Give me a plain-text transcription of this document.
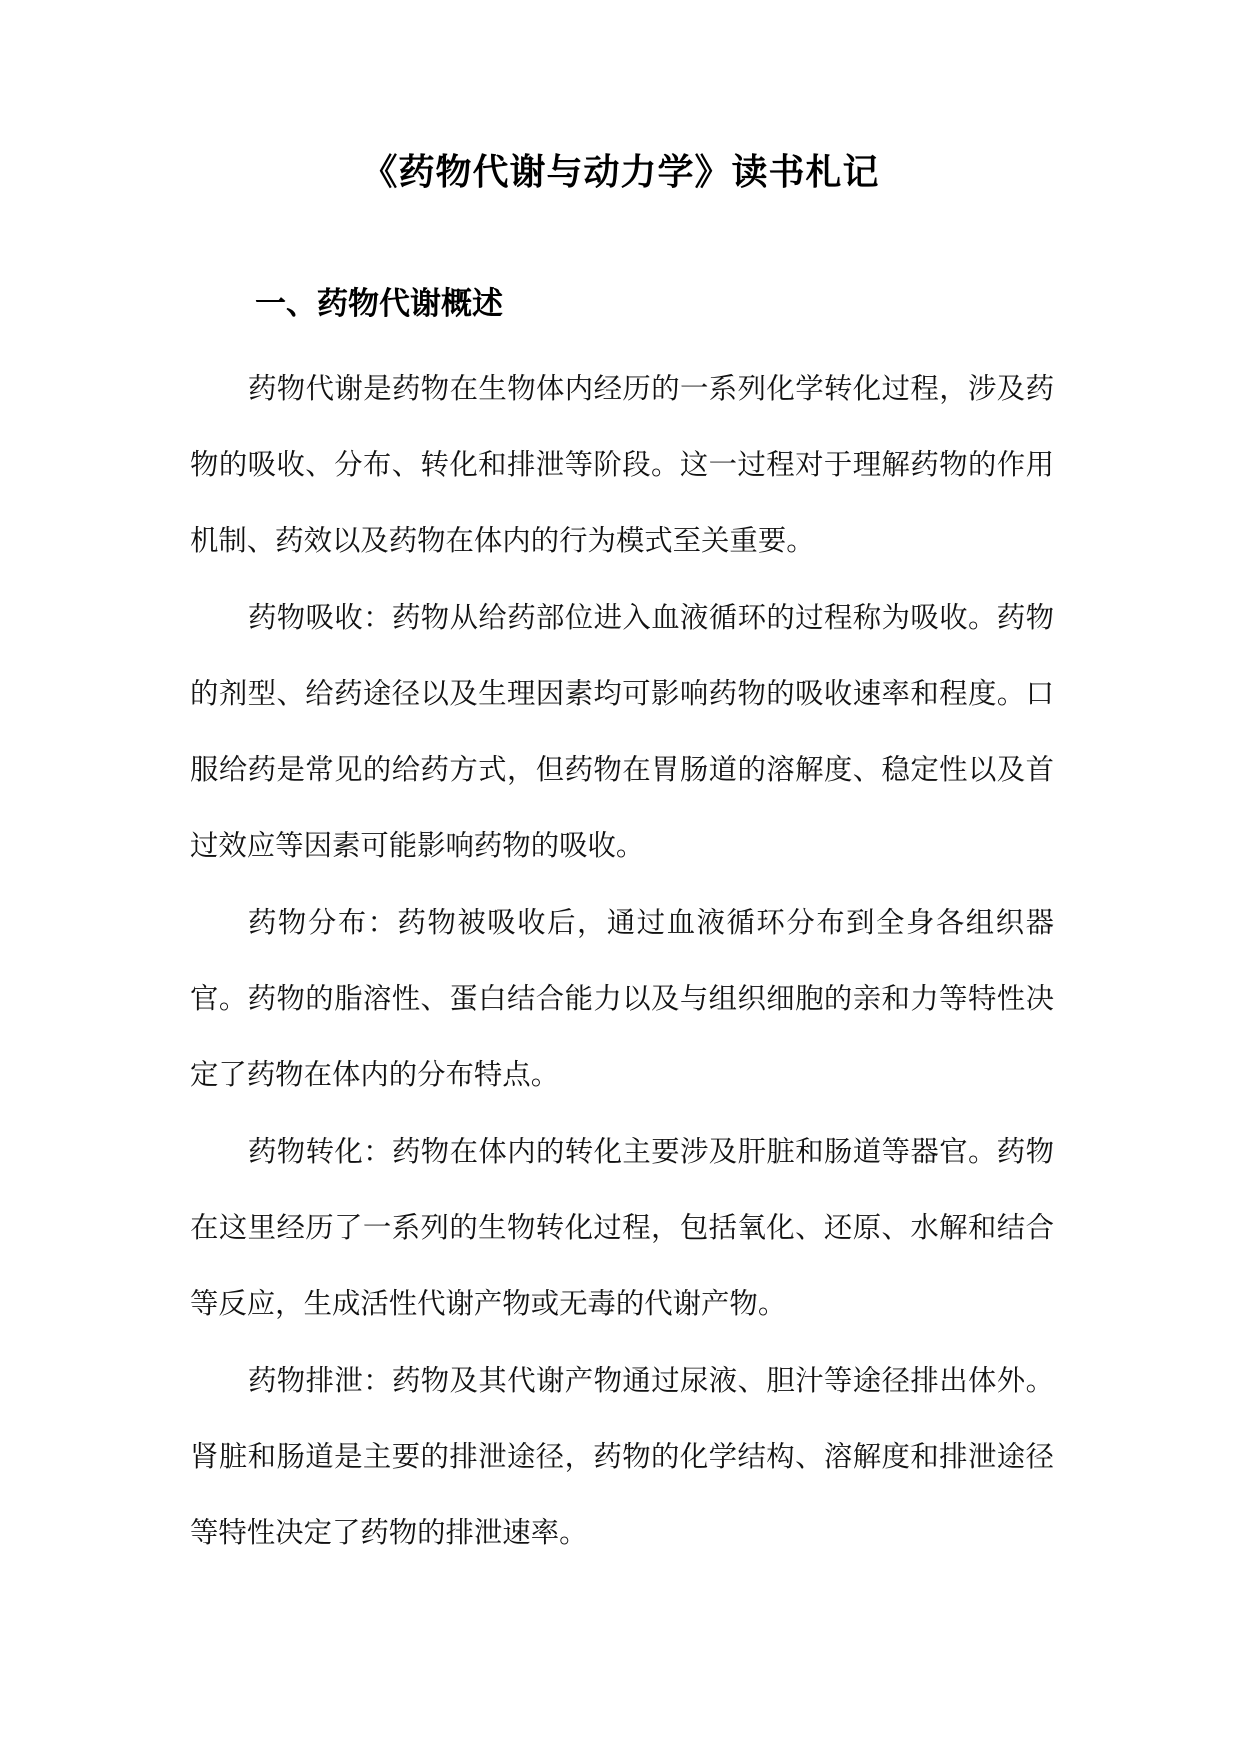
《药物代谢与动力学》读书札记
一、药物代谢概述

药物代谢是药物在生物体内经历的一系列化学转化过程，涉及药物的吸收、分布、转化和排泄等阶段。这一过程对于理解药物的作用机制、药效以及药物在体内的行为模式至关重要。

药物吸收：药物从给药部位进入血液循环的过程称为吸收。药物的剂型、给药途径以及生理因素均可影响药物的吸收速率和程度。口服给药是常见的给药方式，但药物在胃肠道的溶解度、稳定性以及首过效应等因素可能影响药物的吸收。

药物分布：药物被吸收后，通过血液循环分布到全身各组织器官。药物的脂溶性、蛋白结合能力以及与组织细胞的亲和力等特性决定了药物在体内的分布特点。

药物转化：药物在体内的转化主要涉及肝脏和肠道等器官。药物在这里经历了一系列的生物转化过程，包括氧化、还原、水解和结合等反应，生成活性代谢产物或无毒的代谢产物。

药物排泄：药物及其代谢产物通过尿液、胆汁等途径排出体外。肾脏和肠道是主要的排泄途径，药物的化学结构、溶解度和排泄途径等特性决定了药物的排泄速率。
